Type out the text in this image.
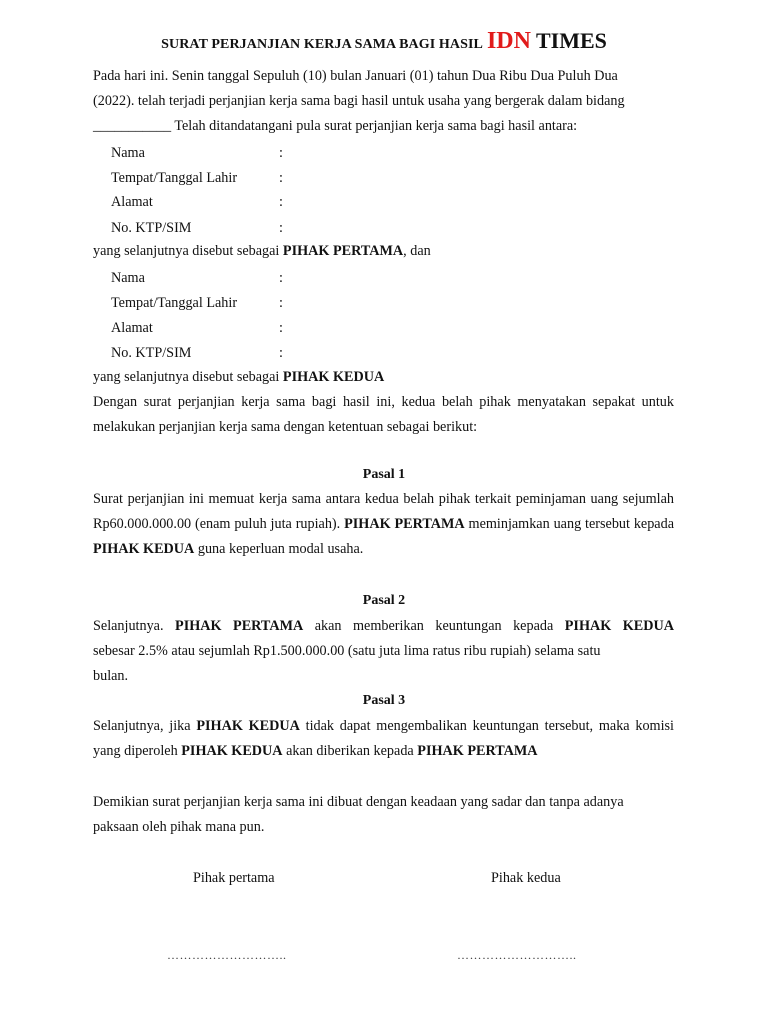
SURAT PERJANJIAN KERJA SAMA BAGI HASIL IDN TIMES
Pada hari ini. Senin tanggal Sepuluh (10) bulan Januari (01) tahun Dua Ribu Dua Puluh Dua
(2022). telah terjadi perjanjian kerja sama bagi hasil untuk usaha yang bergerak dalam bidang
___________ Telah ditandatangani pula surat perjanjian kerja sama bagi hasil antara:
Nama	:
Tempat/Tanggal Lahir	:
Alamat	:
No. KTP/SIM	:
yang selanjutnya disebut sebagai PIHAK PERTAMA, dan
Nama	:
Tempat/Tanggal Lahir	:
Alamat	:
No. KTP/SIM	:
yang selanjutnya disebut sebagai PIHAK KEDUA
Dengan surat perjanjian kerja sama bagi hasil ini, kedua belah pihak menyatakan sepakat untuk melakukan perjanjian kerja sama dengan ketentuan sebagai berikut:
Pasal 1
Surat perjanjian ini memuat kerja sama antara kedua belah pihak terkait peminjaman uang sejumlah Rp60.000.000.00 (enam puluh juta rupiah). PIHAK PERTAMA meminjamkan uang tersebut kepada PIHAK KEDUA guna keperluan modal usaha.
Pasal 2
Selanjutnya. PIHAK PERTAMA akan memberikan keuntungan kepada PIHAK KEDUA
sebesar 2.5% atau sejumlah Rp1.500.000.00 (satu juta lima ratus ribu rupiah) selama satu
bulan.
Pasal 3
Selanjutnya, jika PIHAK KEDUA tidak dapat mengembalikan keuntungan tersebut, maka komisi yang diperoleh PIHAK KEDUA akan diberikan kepada PIHAK PERTAMA
Demikian surat perjanjian kerja sama ini dibuat dengan keadaan yang sadar dan tanpa adanya
paksaan oleh pihak mana pun.
Pihak pertama	Pihak kedua
………………………..	………………………..
